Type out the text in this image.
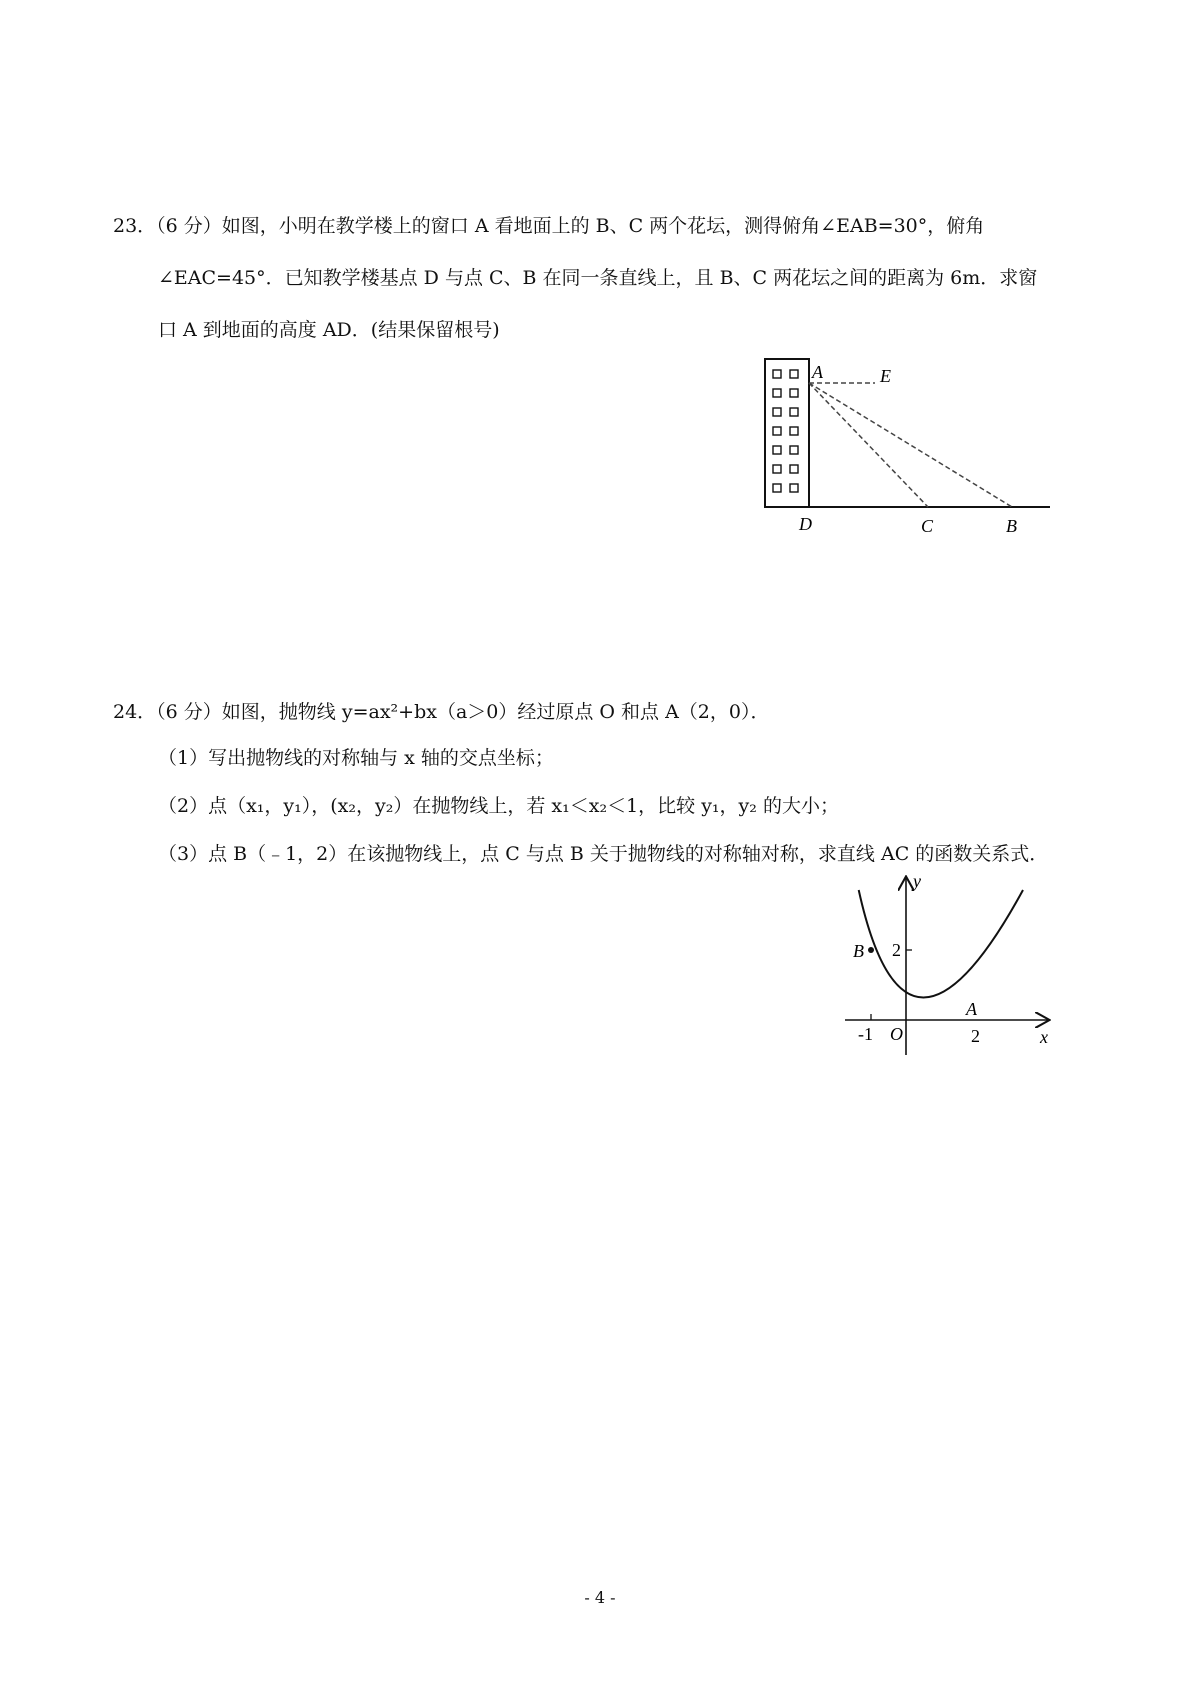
23．（6 分）如图，小明在教学楼上的窗口 A 看地面上的 B、C 两个花坛，测得俯角∠EAB=30°，俯角
∠EAC=45°．已知教学楼基点 D 与点 C、B 在同一条直线上，且 B、C 两花坛之间的距离为 6m．求窗
口 A 到地面的高度 AD．(结果保留根号)
A	E
D	C	B
24．（6 分）如图，抛物线 y=ax²+bx（a＞0）经过原点 O 和点 A（2，0）．
（1）写出抛物线的对称轴与 x 轴的交点坐标；
（2）点（x₁，y₁），(x₂，y₂）在抛物线上，若 x₁＜x₂＜1，比较 y₁，y₂ 的大小；
（3）点 B（﹣1，2）在该抛物线上，点 C 与点 B 关于抛物线的对称轴对称，求直线 AC 的函数关系式．
y
x
O
A
B 2
-1	2
- 4 -
